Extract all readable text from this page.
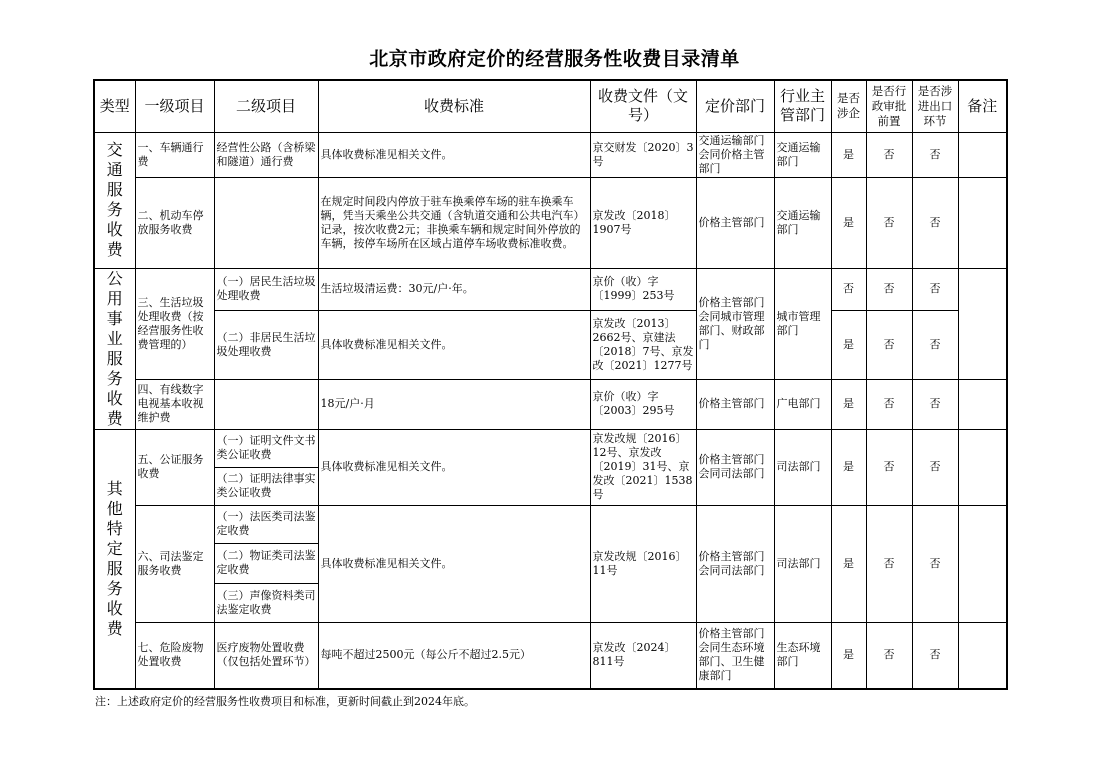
北京市政府定价的经营服务性收费目录清单
类型	一级项目	二级项目	收费标准	收费文件（文号）	定价部门	行业主管部门	是否涉企	是否行政审批前置	是否涉进出口环节	备注
交通服务收费	一、车辆通行费	经营性公路（含桥梁和隧道）通行费	具体收费标准见相关文件。	京交财发〔2020〕3号	交通运输部门会同价格主管部门	交通运输部门	是	否	否	
	二、机动车停放服务收费		在规定时间段内停放于驻车换乘停车场的驻车换乘车辆，凭当天乘坐公共交通（含轨道交通和公共电汽车）记录，按次收费2元；非换乘车辆和规定时间外停放的车辆，按停车场所在区域占道停车场收费标准收费。	京发改〔2018〕1907号	价格主管部门	交通运输部门	是	否	否	
公用事业服务收费	三、生活垃圾处理收费（按经营服务性收费管理的）	（一）居民生活垃圾处理收费	生活垃圾清运费：30元/户·年。	京价（收）字〔1999〕253号	价格主管部门会同城市管理部门、财政部门	城市管理部门	否	否	否	
		（二）非居民生活垃圾处理收费	具体收费标准见相关文件。	京发改〔2013〕2662号、京建法〔2018〕7号、京发改〔2021〕1277号			是	否	否	
	四、有线数字电视基本收视维护费		18元/户·月	京价（收）字〔2003〕295号	价格主管部门	广电部门	是	否	否	
其他特定服务收费	五、公证服务收费	（一）证明文件文书类公证收费	具体收费标准见相关文件。	京发改规〔2016〕12号、京发改〔2019〕31号、京发改〔2021〕1538号	价格主管部门会同司法部门	司法部门	是	否	否	
		（二）证明法律事实类公证收费								
	六、司法鉴定服务收费	（一）法医类司法鉴定收费	具体收费标准见相关文件。	京发改规〔2016〕11号	价格主管部门会同司法部门	司法部门	是	否	否	
		（二）物证类司法鉴定收费								
		（三）声像资料类司法鉴定收费								
	七、危险废物处置收费	医疗废物处置收费（仅包括处置环节）	每吨不超过2500元（每公斤不超过2.5元）	京发改〔2024〕811号	价格主管部门会同生态环境部门、卫生健康部门	生态环境部门	是	否	否	
注：上述政府定价的经营服务性收费项目和标准，更新时间截止到2024年底。
